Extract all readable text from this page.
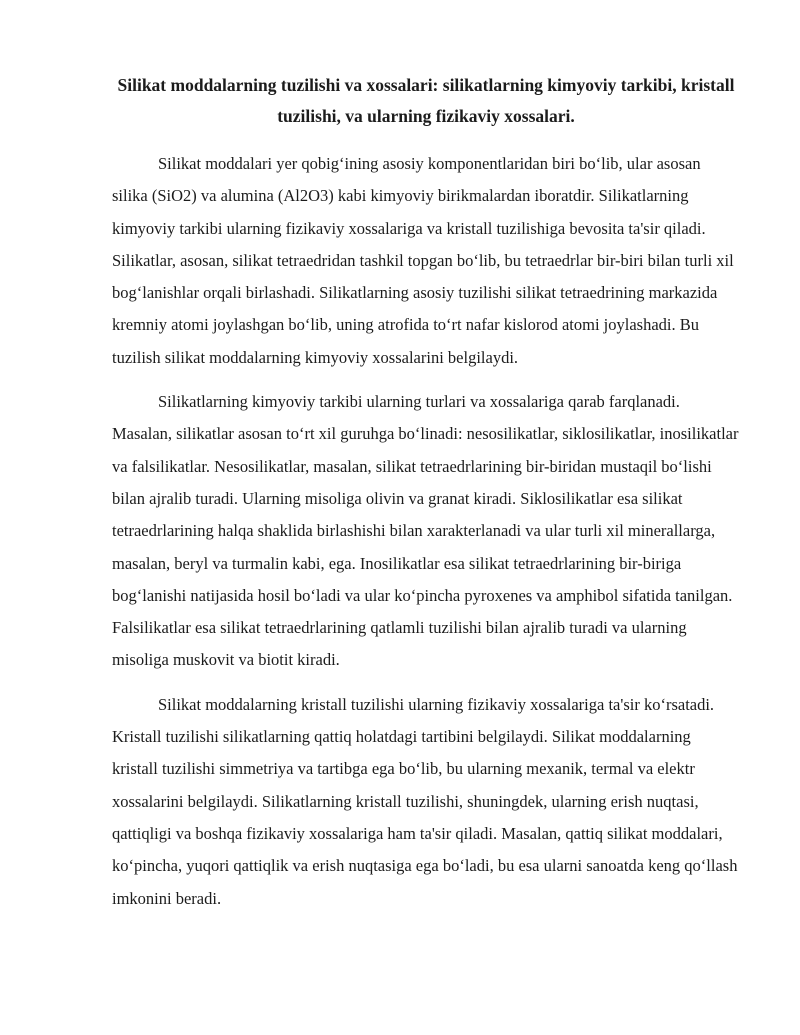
Silikat moddalarning tuzilishi va xossalari: silikatlarning kimyoviy tarkibi, kristall tuzilishi, va ularning fizikaviy xossalari.

Silikat moddalari yer qobig‘ining asosiy komponentlaridan biri bo‘lib, ular asosan silika (SiO2) va alumina (Al2O3) kabi kimyoviy birikmalardan iboratdir. Silikatlarning kimyoviy tarkibi ularning fizikaviy xossalariga va kristall tuzilishiga bevosita ta'sir qiladi. Silikatlar, asosan, silikat tetraedridan tashkil topgan bo‘lib, bu tetraedrlar bir-biri bilan turli xil bog‘lanishlar orqali birlashadi. Silikatlarning asosiy tuzilishi silikat tetraedrining markazida kremniy atomi joylashgan bo‘lib, uning atrofida to‘rt nafar kislorod atomi joylashadi. Bu tuzilish silikat moddalarning kimyoviy xossalarini belgilaydi.

Silikatlarning kimyoviy tarkibi ularning turlari va xossalariga qarab farqlanadi. Masalan, silikatlar asosan to‘rt xil guruhga bo‘linadi: nesosilikatlar, siklosilikatlar, inosilikatlar va falsilikatlar. Nesosilikatlar, masalan, silikat tetraedrlarining bir-biridan mustaqil bo‘lishi bilan ajralib turadi. Ularning misoliga olivin va granat kiradi. Siklosilikatlar esa silikat tetraedrlarining halqa shaklida birlashishi bilan xarakterlanadi va ular turli xil minerallarga, masalan, beryl va turmalin kabi, ega. Inosilikatlar esa silikat tetraedrlarining bir-biriga bog‘lanishi natijasida hosil bo‘ladi va ular ko‘pincha pyroxenes va amphibol sifatida tanilgan. Falsilikatlar esa silikat tetraedrlarining qatlamli tuzilishi bilan ajralib turadi va ularning misoliga muskovit va biotit kiradi.

Silikat moddalarning kristall tuzilishi ularning fizikaviy xossalariga ta'sir ko‘rsatadi. Kristall tuzilishi silikatlarning qattiq holatdagi tartibini belgilaydi. Silikat moddalarning kristall tuzilishi simmetriya va tartibga ega bo‘lib, bu ularning mexanik, termal va elektr xossalarini belgilaydi. Silikatlarning kristall tuzilishi, shuningdek, ularning erish nuqtasi, qattiqligi va boshqa fizikaviy xossalariga ham ta'sir qiladi. Masalan, qattiq silikat moddalari, ko‘pincha, yuqori qattiqlik va erish nuqtasiga ega bo‘ladi, bu esa ularni sanoatda keng qo‘llash imkonini beradi.
